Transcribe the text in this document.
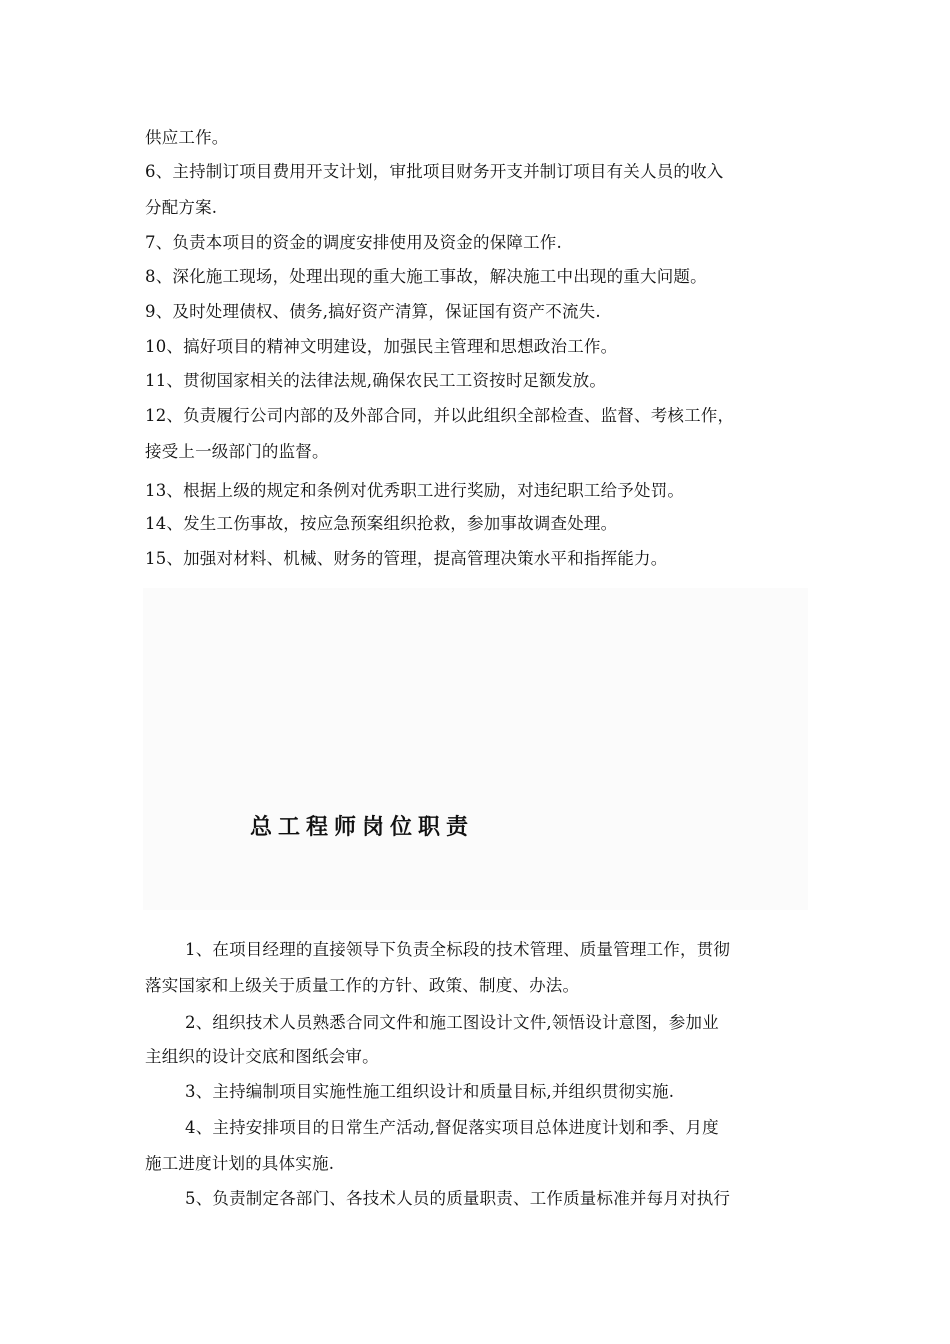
供应工作。
6、主持制订项目费用开支计划，审批项目财务开支并制订项目有关人员的收入
分配方案.
7、负责本项目的资金的调度安排使用及资金的保障工作.
8、深化施工现场，处理出现的重大施工事故，解决施工中出现的重大问题。
9、及时处理债权、债务,搞好资产清算，保证国有资产不流失.
10、搞好项目的精神文明建设，加强民主管理和思想政治工作。
11、贯彻国家相关的法律法规,确保农民工工资按时足额发放。
12、负责履行公司内部的及外部合同，并以此组织全部检查、监督、考核工作，
接受上一级部门的监督。
13、根据上级的规定和条例对优秀职工进行奖励，对违纪职工给予处罚。
14、发生工伤事故，按应急预案组织抢救，参加事故调查处理。
15、加强对材料、机械、财务的管理，提高管理决策水平和指挥能力。
总工程师岗位职责
1、在项目经理的直接领导下负责全标段的技术管理、质量管理工作，贯彻
落实国家和上级关于质量工作的方针、政策、制度、办法。
2、组织技术人员熟悉合同文件和施工图设计文件,领悟设计意图，参加业
主组织的设计交底和图纸会审。
3、主持编制项目实施性施工组织设计和质量目标,并组织贯彻实施.
4、主持安排项目的日常生产活动,督促落实项目总体进度计划和季、月度
施工进度计划的具体实施.
5、负责制定各部门、各技术人员的质量职责、工作质量标准并每月对执行
